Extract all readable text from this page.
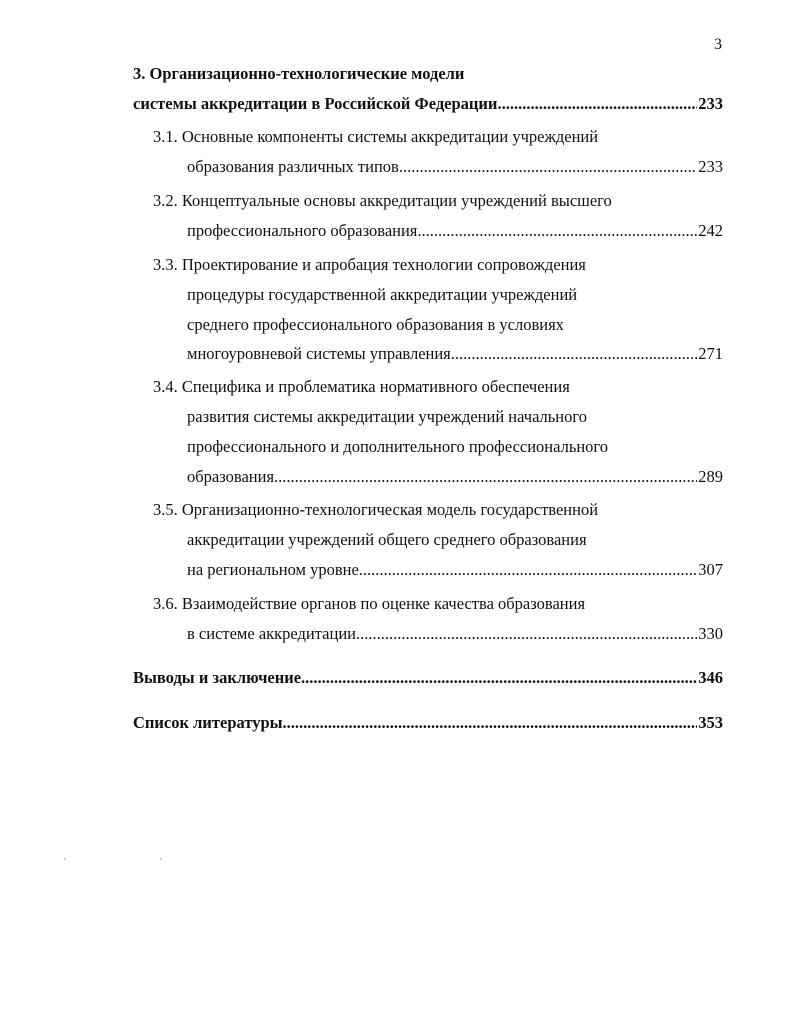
3
3. Организационно-технологические модели
системы аккредитации в Российской Федерации .....	233
3.1. Основные компоненты системы аккредитации учреждений
образования различных типов .....	233
3.2. Концептуальные основы аккредитации учреждений высшего
профессионального образования .....	242
3.3. Проектирование и апробация технологии сопровождения
процедуры государственной аккредитации учреждений
среднего профессионального образования в условиях
многоуровневой системы управления .....	271
3.4. Специфика и проблематика нормативного обеспечения
развития системы аккредитации учреждений начального
профессионального и дополнительного профессионального
образования .....	289
3.5. Организационно-технологическая модель государственной
аккредитации учреждений общего среднего образования
на региональном уровне .....	307
3.6. Взаимодействие органов по оценке качества образования
в системе аккредитации .....	330
Выводы и заключение .....	346
Список литературы .....	353
